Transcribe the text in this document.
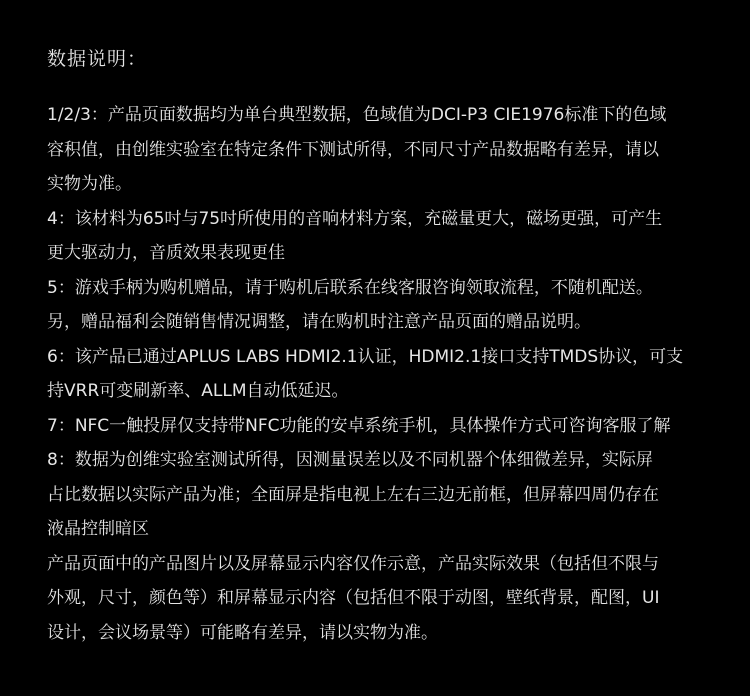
数据说明：
1/2/3：产品页面数据均为单台典型数据，色域值为DCI-P3 CIE1976标准下的色域
容积值，由创维实验室在特定条件下测试所得，不同尺寸产品数据略有差异，请以
实物为准。
4：该材料为65吋与75吋所使用的音响材料方案，充磁量更大，磁场更强，可产生
更大驱动力，音质效果表现更佳
5：游戏手柄为购机赠品，请于购机后联系在线客服咨询领取流程，不随机配送。
另，赠品福利会随销售情况调整，请在购机时注意产品页面的赠品说明。
6：该产品已通过APLUS LABS HDMI2.1认证，HDMI2.1接口支持TMDS协议，可支
持VRR可变刷新率、ALLM自动低延迟。
7：NFC一触投屏仅支持带NFC功能的安卓系统手机，具体操作方式可咨询客服了解
8：数据为创维实验室测试所得，因测量误差以及不同机器个体细微差异，实际屏
占比数据以实际产品为准；全面屏是指电视上左右三边无前框，但屏幕四周仍存在
液晶控制暗区
产品页面中的产品图片以及屏幕显示内容仅作示意，产品实际效果（包括但不限与
外观，尺寸，颜色等）和屏幕显示内容（包括但不限于动图，壁纸背景，配图，UI
设计，会议场景等）可能略有差异，请以实物为准。
